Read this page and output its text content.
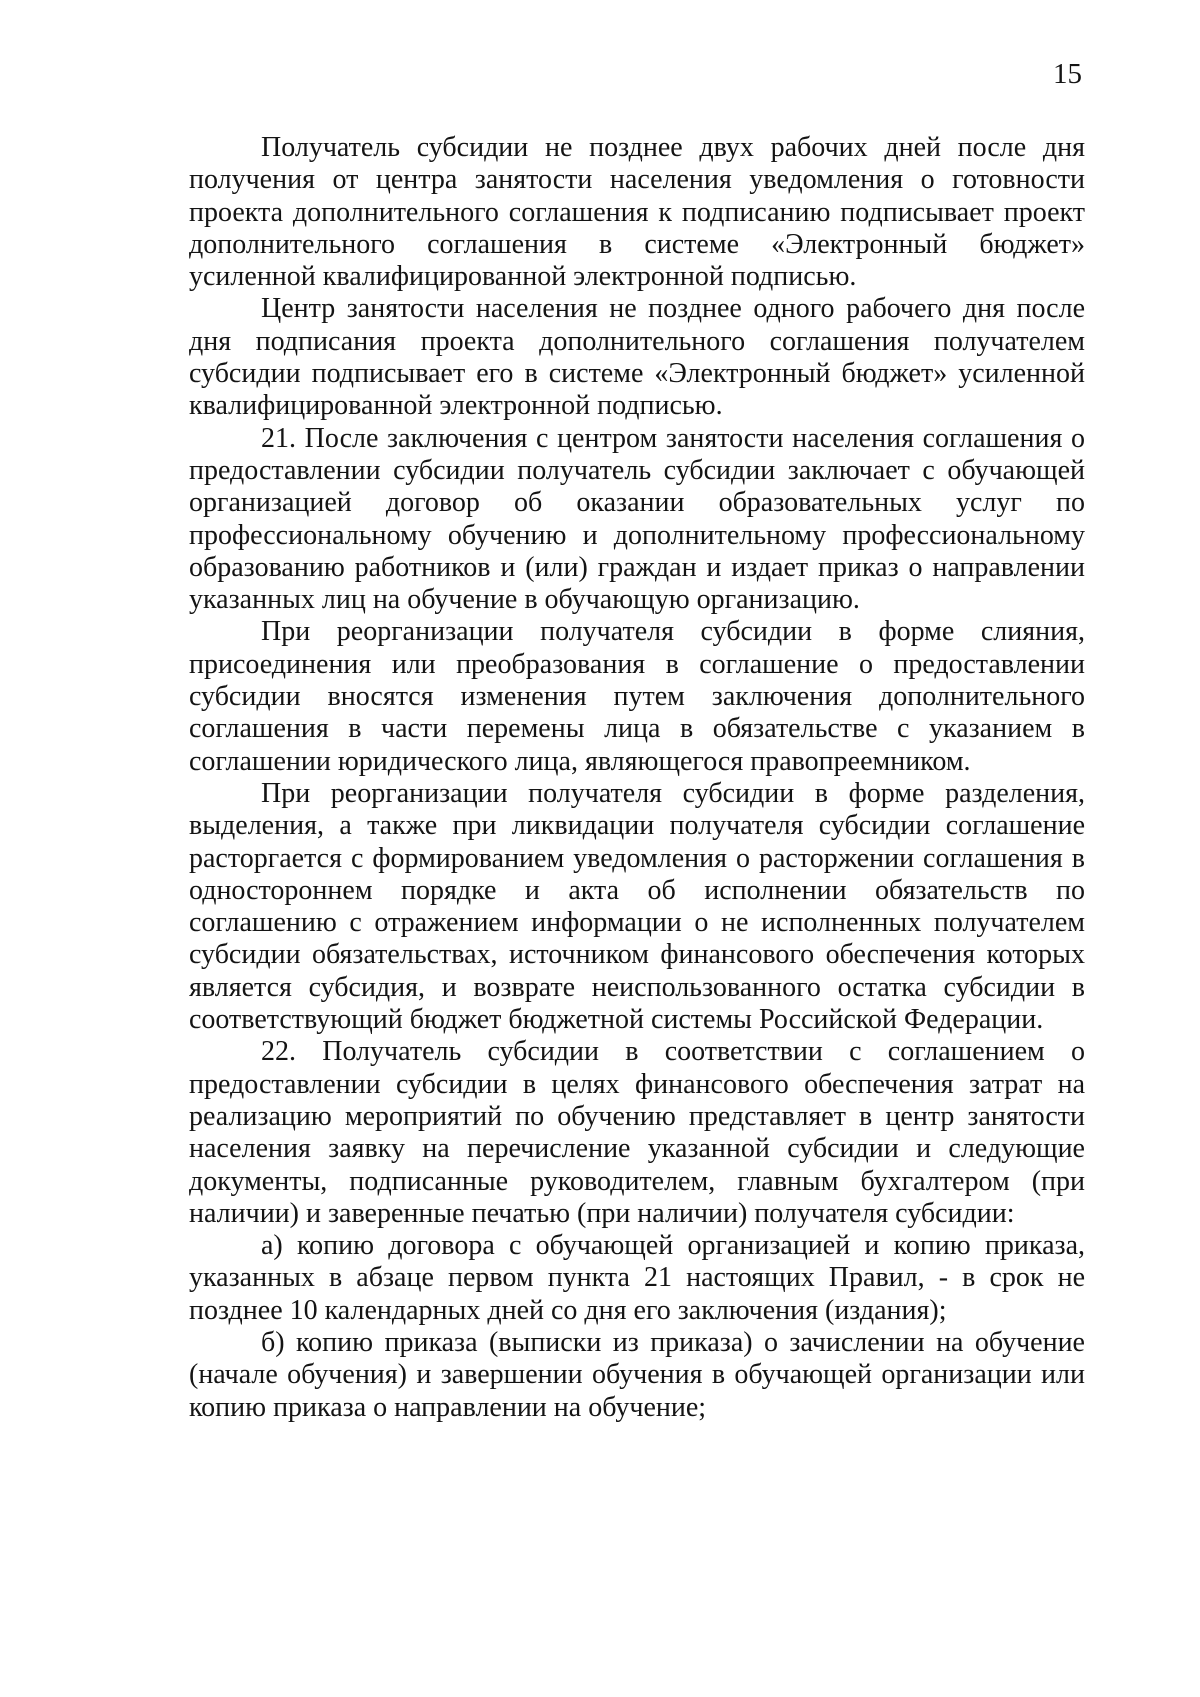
15

Получатель субсидии не позднее двух рабочих дней после дня получения от центра занятости населения уведомления о готовности проекта дополнительного соглашения к подписанию подписывает проект дополнительного соглашения в системе «Электронный бюджет» усиленной квалифицированной электронной подписью.

Центр занятости населения не позднее одного рабочего дня после дня подписания проекта дополнительного соглашения получателем субсидии подписывает его в системе «Электронный бюджет» усиленной квалифицированной электронной подписью.

21. После заключения с центром занятости населения соглашения о предоставлении субсидии получатель субсидии заключает с обучающей организацией договор об оказании образовательных услуг по профессиональному обучению и дополнительному профессиональному образованию работников и (или) граждан и издает приказ о направлении указанных лиц на обучение в обучающую организацию.

При реорганизации получателя субсидии в форме слияния, присоединения или преобразования в соглашение о предоставлении субсидии вносятся изменения путем заключения дополнительного соглашения в части перемены лица в обязательстве с указанием в соглашении юридического лица, являющегося правопреемником.

При реорганизации получателя субсидии в форме разделения, выделения, а также при ликвидации получателя субсидии соглашение расторгается с формированием уведомления о расторжении соглашения в одностороннем порядке и акта об исполнении обязательств по соглашению с отражением информации о не исполненных получателем субсидии обязательствах, источником финансового обеспечения которых является субсидия, и возврате неиспользованного остатка субсидии в соответствующий бюджет бюджетной системы Российской Федерации.

22. Получатель субсидии в соответствии с соглашением о предоставлении субсидии в целях финансового обеспечения затрат на реализацию мероприятий по обучению представляет в центр занятости населения заявку на перечисление указанной субсидии и следующие документы, подписанные руководителем, главным бухгалтером (при наличии) и заверенные печатью (при наличии) получателя субсидии:

а) копию договора с обучающей организацией и копию приказа, указанных в абзаце первом пункта 21 настоящих Правил, - в срок не позднее 10 календарных дней со дня его заключения (издания);

б) копию приказа (выписки из приказа) о зачислении на обучение (начале обучения) и завершении обучения в обучающей организации или копию приказа о направлении на обучение;
